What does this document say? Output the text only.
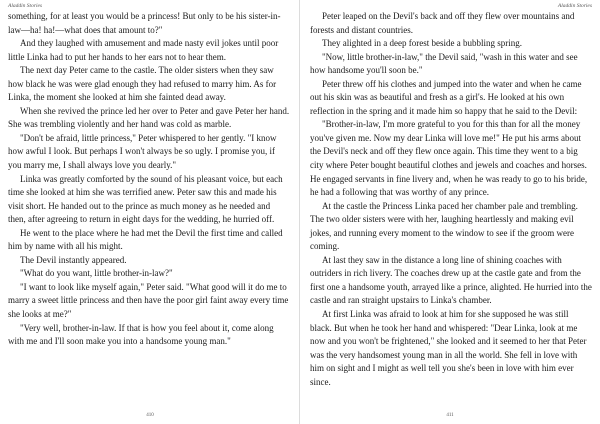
Aladdin Stories

something, for at least you would be a princess! But only to be his sister-in-law—ha! ha!—what does that amount to?"

And they laughed with amusement and made nasty evil jokes until poor little Linka had to put her hands to her ears not to hear them.

The next day Peter came to the castle. The older sisters when they saw how black he was were glad enough they had refused to marry him. As for Linka, the moment she looked at him she fainted dead away.

When she revived the prince led her over to Peter and gave Peter her hand. She was trembling violently and her hand was cold as marble.

"Don't be afraid, little princess," Peter whispered to her gently. "I know how awful I look. But perhaps I won't always be so ugly. I promise you, if you marry me, I shall always love you dearly."

Linka was greatly comforted by the sound of his pleasant voice, but each time she looked at him she was terrified anew. Peter saw this and made his visit short. He handed out to the prince as much money as he needed and then, after agreeing to return in eight days for the wedding, he hurried off.

He went to the place where he had met the Devil the first time and called him by name with all his might.

The Devil instantly appeared.

"What do you want, little brother-in-law?"

"I want to look like myself again," Peter said. "What good will it do me to marry a sweet little princess and then have the poor girl faint away every time she looks at me?"

"Very well, brother-in-law. If that is how you feel about it, come along with me and I'll soon make you into a handsome young man."

410
Aladdin Stories

Peter leaped on the Devil's back and off they flew over mountains and forests and distant countries.

They alighted in a deep forest beside a bubbling spring.

"Now, little brother-in-law," the Devil said, "wash in this water and see how handsome you'll soon be."

Peter threw off his clothes and jumped into the water and when he came out his skin was as beautiful and fresh as a girl's. He looked at his own reflection in the spring and it made him so happy that he said to the Devil:

"Brother-in-law, I'm more grateful to you for this than for all the money you've given me. Now my dear Linka will love me!" He put his arms about the Devil's neck and off they flew once again. This time they went to a big city where Peter bought beautiful clothes and jewels and coaches and horses. He engaged servants in fine livery and, when he was ready to go to his bride, he had a following that was worthy of any prince.

At the castle the Princess Linka paced her chamber pale and trembling. The two older sisters were with her, laughing heartlessly and making evil jokes, and running every moment to the window to see if the groom were coming.

At last they saw in the distance a long line of shining coaches with outriders in rich livery. The coaches drew up at the castle gate and from the first one a handsome youth, arrayed like a prince, alighted. He hurried into the castle and ran straight upstairs to Linka's chamber.

At first Linka was afraid to look at him for she supposed he was still black. But when he took her hand and whispered: "Dear Linka, look at me now and you won't be frightened," she looked and it seemed to her that Peter was the very handsomest young man in all the world. She fell in love with him on sight and I might as well tell you she's been in love with him ever since.

411
